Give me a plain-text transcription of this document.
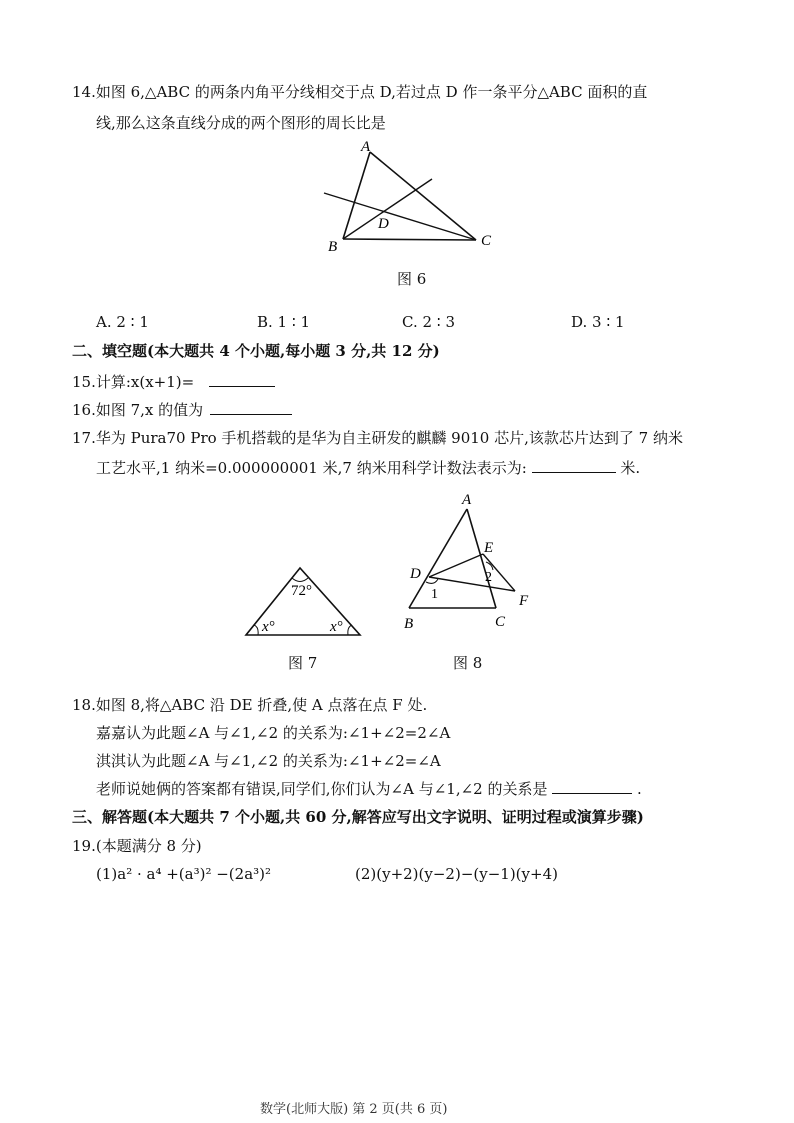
14.如图 6,△ABC 的两条内角平分线相交于点 D,若过点 D 作一条平分△ABC 面积的直
线,那么这条直线分成的两个图形的周长比是
A
B	C
D
图 6
A. 2 ∶ 1	B. 1 ∶ 1	C. 2 ∶ 3	D. 3 ∶ 1
二、填空题(本大题共 4 个小题,每小题 3 分,共 12 分)
15.计算:x(x+1)=
16.如图 7,x 的值为
17.华为 Pura70 Pro 手机搭载的是华为自主研发的麒麟 9010 芯片,该款芯片达到了 7 纳米
工艺水平,1 纳米=0.000000001 米,7 纳米用科学计数法表示为:	米.
72°
x°	x°
图 7
A
B	C
D
E
F
1
2
图 8
18.如图 8,将△ABC 沿 DE 折叠,使 A 点落在点 F 处.
嘉嘉认为此题∠A 与∠1,∠2 的关系为:∠1+∠2=2∠A
淇淇认为此题∠A 与∠1,∠2 的关系为:∠1+∠2=∠A
老师说她俩的答案都有错误,同学们,你们认为∠A 与∠1,∠2 的关系是	.
三、解答题(本大题共 7 个小题,共 60 分,解答应写出文字说明、证明过程或演算步骤)
19.(本题满分 8 分)
(1)a² · a⁴ +(a³)² −(2a³)²	(2)(y+2)(y−2)−(y−1)(y+4)
数学(北师大版) 第 2 页(共 6 页)
